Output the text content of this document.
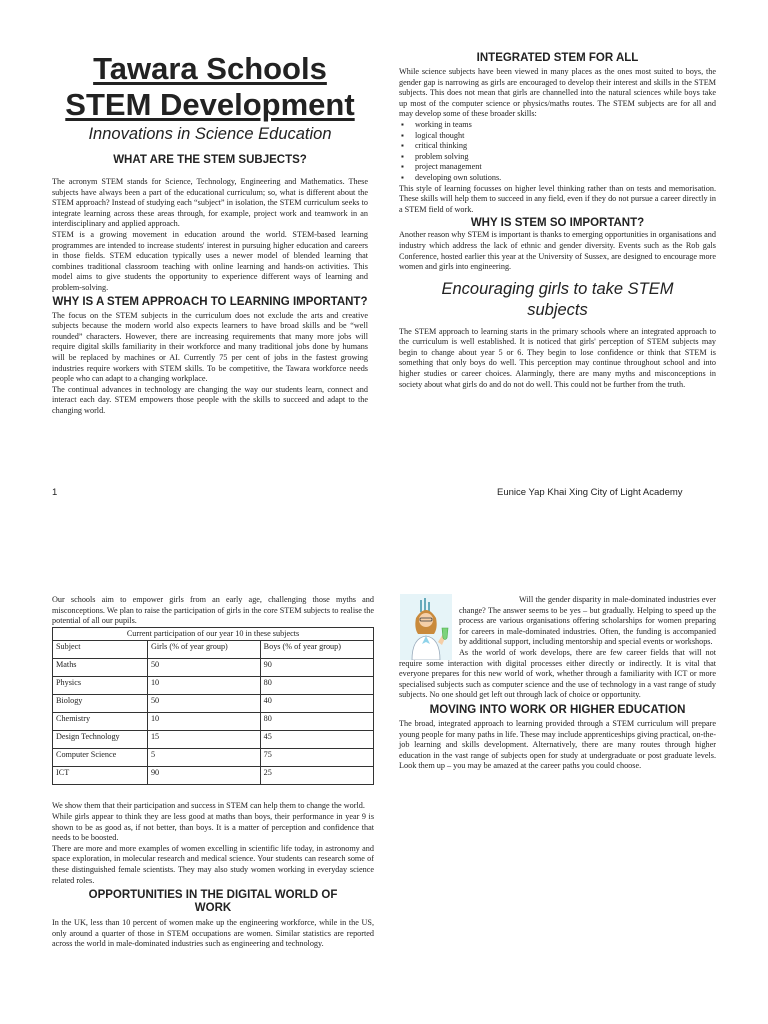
Tawara Schools
STEM Development

Innovations in Science Education

WHAT ARE THE STEM SUBJECTS?

The acronym STEM stands for Science, Technology, Engineering and Mathematics. These subjects have always been a part of the educational curriculum; so, what is different about the STEM approach? Instead of studying each “subject” in isolation, the STEM curriculum seeks to integrate learning across these areas through, for example, project work and teamwork in an interdisciplinary and applied approach.

STEM is a growing movement in education around the world. STEM-based learning programmes are intended to increase students' interest in pursuing higher education and careers in those fields. STEM education typically uses a newer model of blended learning that combines traditional classroom teaching with online learning and hands-on activities. This model aims to give students the opportunity to experience different ways of learning and problem-solving.

WHY IS A STEM APPROACH TO LEARNING IMPORTANT?

The focus on the STEM subjects in the curriculum does not exclude the arts and creative subjects because the modern world also expects learners to have broad skills and be “well rounded” characters. However, there are increasing requirements that many more jobs will require digital skills familiarity in their workforce and many traditional jobs done by humans will be replaced by machines or AI. Currently 75 per cent of jobs in the fastest growing industries require workers with STEM skills. To be competitive, the Tawara workforce needs people who can adapt to a changing workplace.

The continual advances in technology are changing the way our students learn, connect and interact each day. STEM empowers those people with the skills to succeed and adapt to the changing world.

INTEGRATED STEM FOR ALL

While science subjects have been viewed in many places as the ones most suited to boys, the gender gap is narrowing as girls are encouraged to develop their interest and skills in the STEM subjects. This does not mean that girls are channelled into the natural sciences while boys take up most of the computer science or physics/maths routes. The STEM subjects are for all and may develop some of these broader skills:

▪ working in teams
▪ logical thought
▪ critical thinking
▪ problem solving
▪ project management
▪ developing own solutions.

This style of learning focusses on higher level thinking rather than on tests and memorisation. These skills will help them to succeed in any field, even if they do not pursue a career directly in a STEM field of work.

WHY IS STEM SO IMPORTANT?

Another reason why STEM is important is thanks to emerging opportunities in organisations and industry which address the lack of ethnic and gender diversity. Events such as the Rob gals Conference, hosted earlier this year at the University of Sussex, are designed to encourage more women and girls into engineering.

Encouraging girls to take STEM subjects

The STEM approach to learning starts in the primary schools where an integrated approach to the curriculum is well established. It is noticed that girls' perception of STEM subjects may begin to change about year 5 or 6. They begin to lose confidence or think that STEM is something that only boys do well. This perception may continue throughout school and into higher studies or career choices. Alarmingly, there are many myths and misconceptions in society about what girls do and do not do well. This could not be further from the truth.

1	Eunice Yap Khai Xing City of Light Academy

Our schools aim to empower girls from an early age, challenging those myths and misconceptions. We plan to raise the participation of girls in the core STEM subjects to realise the potential of all our pupils.

Current participation of our year 10 in these subjects
Subject	Girls (% of year group)	Boys (% of year group)
Maths	50	90
Physics	10	80
Biology	50	40
Chemistry	10	80
Design Technology	15	45
Computer Science	5	75
ICT	90	25

We show them that their participation and success in STEM can help them to change the world.

While girls appear to think they are less good at maths than boys, their performance in year 9 is shown to be as good as, if not better, than boys. It is a matter of perception and confidence that needs to be boosted.

There are more and more examples of women excelling in scientific life today, in astronomy and space exploration, in molecular research and medical science. Your students can research some of these distinguished female scientists. They may also study women working in everyday science related roles.

OPPORTUNITIES IN THE DIGITAL WORLD OF WORK

In the UK, less than 10 percent of women make up the engineering workforce, while in the US, only around a quarter of those in STEM occupations are women. Similar statistics are reported across the world in male-dominated industries such as engineering and technology.

Will the gender disparity in male-dominated industries ever change? The answer seems to be yes – but gradually. Helping to speed up the process are various organisations offering scholarships for women preparing for careers in male-dominated industries. Often, the funding is accompanied by additional support, including mentorship and special events or workshops.

As the world of work develops, there are few career fields that will not require some interaction with digital processes either directly or indirectly. It is vital that everyone prepares for this new world of work, whether through a familiarity with ICT or more specialised subjects such as computer science and the use of technology in a vast range of study subjects. No one should get left out through lack of choice or opportunity.

MOVING INTO WORK OR HIGHER EDUCATION

The broad, integrated approach to learning provided through a STEM curriculum will prepare young people for many paths in life. These may include apprenticeships giving practical, on-the-job learning and skills development. Alternatively, there are many routes through higher education in the vast range of subjects open for study at undergraduate or post graduate levels. Look them up – you may be amazed at the career paths you could choose.
